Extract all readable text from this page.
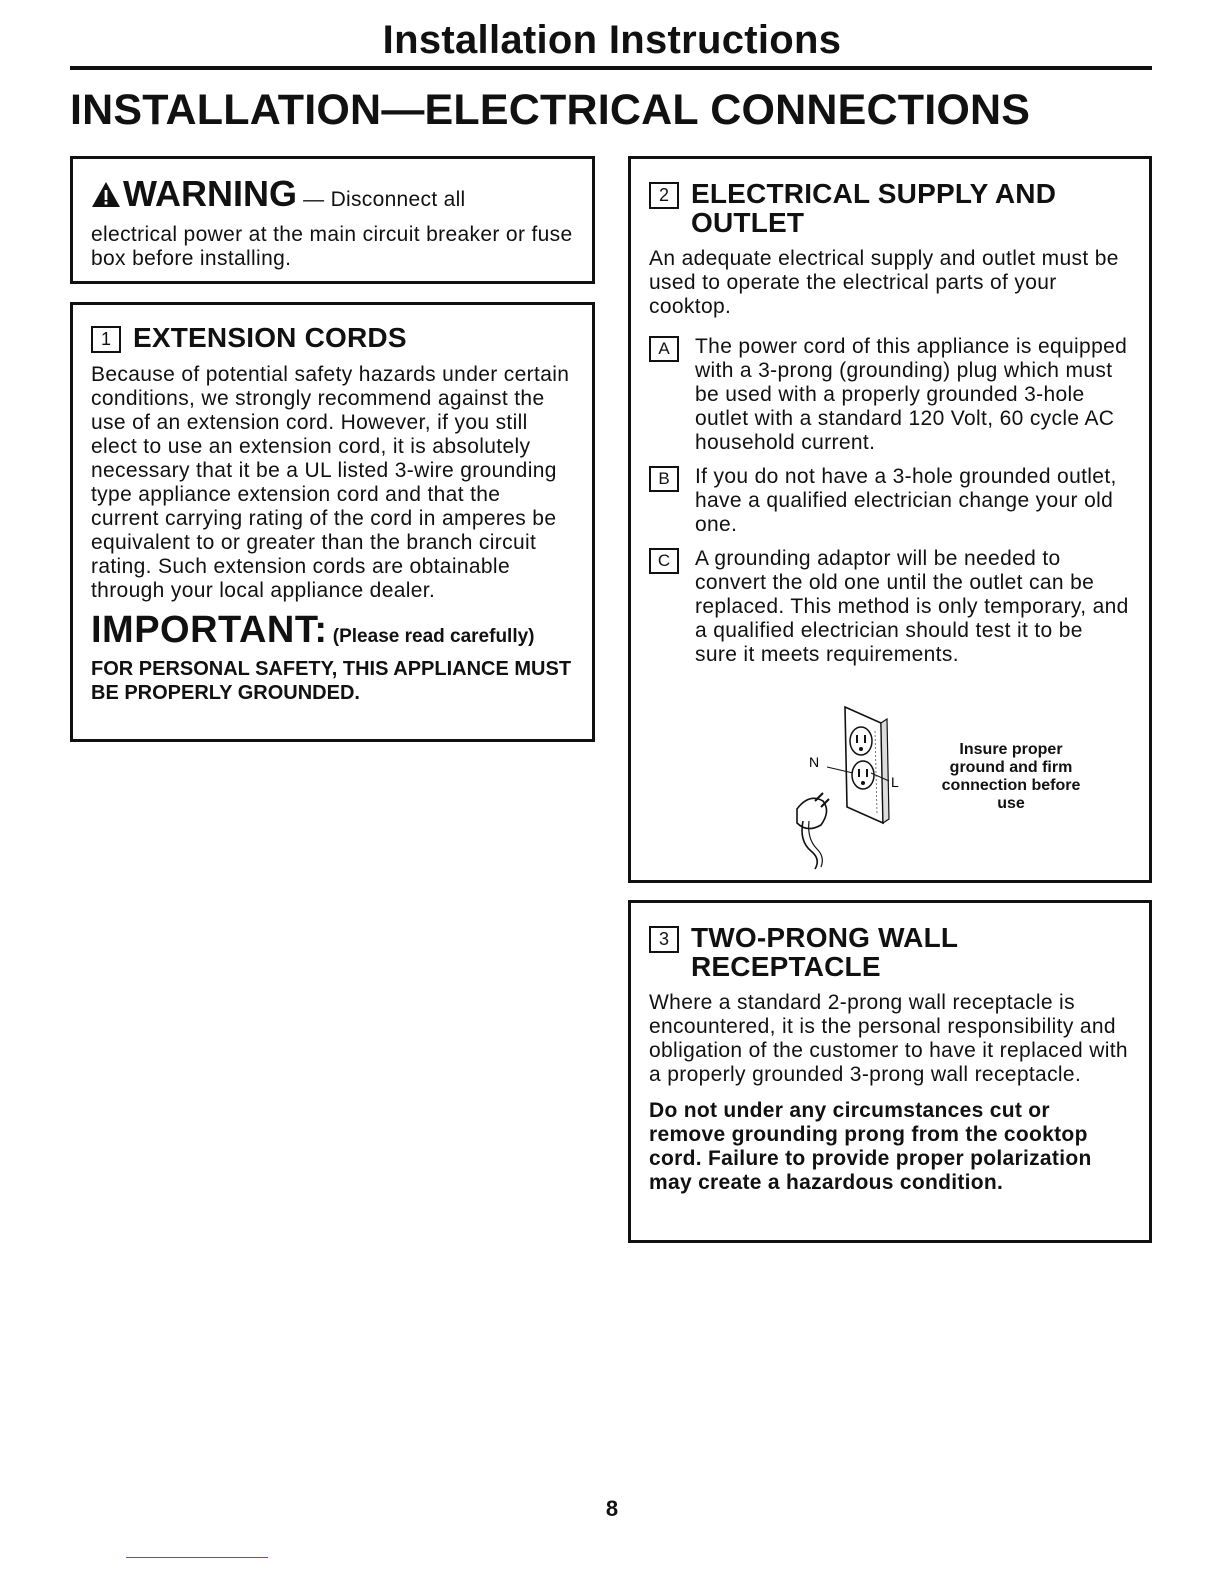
Installation Instructions
INSTALLATION—ELECTRICAL CONNECTIONS
WARNING — Disconnect all

electrical power at the main circuit breaker or fuse box before installing.

1 EXTENSION CORDS

Because of potential safety hazards under certain conditions, we strongly recommend against the use of an extension cord. However, if you still elect to use an extension cord, it is absolutely necessary that it be a UL listed 3-wire grounding type appliance extension cord and that the current carrying rating of the cord in amperes be equivalent to or greater than the branch circuit rating. Such extension cords are obtainable through your local appliance dealer.

IMPORTANT: (Please read carefully)

FOR PERSONAL SAFETY, THIS APPLIANCE MUST BE PROPERLY GROUNDED.

2 ELECTRICAL SUPPLY AND OUTLET

An adequate electrical supply and outlet must be used to operate the electrical parts of your cooktop.

A	The power cord of this appliance is equipped with a 3-prong (grounding) plug which must be used with a properly grounded 3-hole outlet with a standard 120 Volt, 60 cycle AC household current.

B	If you do not have a 3-hole grounded outlet, have a qualified electrician change your old one.

C	A grounding adaptor will be needed to convert the old one until the outlet can be replaced. This method is only temporary, and a qualified electrician should test it to be sure it meets requirements.

N
L
Insure proper ground and firm connection before use
3 TWO-PRONG WALL RECEPTACLE

Where a standard 2-prong wall receptacle is encountered, it is the personal responsibility and obligation of the customer to have it replaced with a properly grounded 3-prong wall receptacle.

Do not under any circumstances cut or remove grounding prong from the cooktop cord. Failure to provide proper polarization may create a hazardous condition.

8
